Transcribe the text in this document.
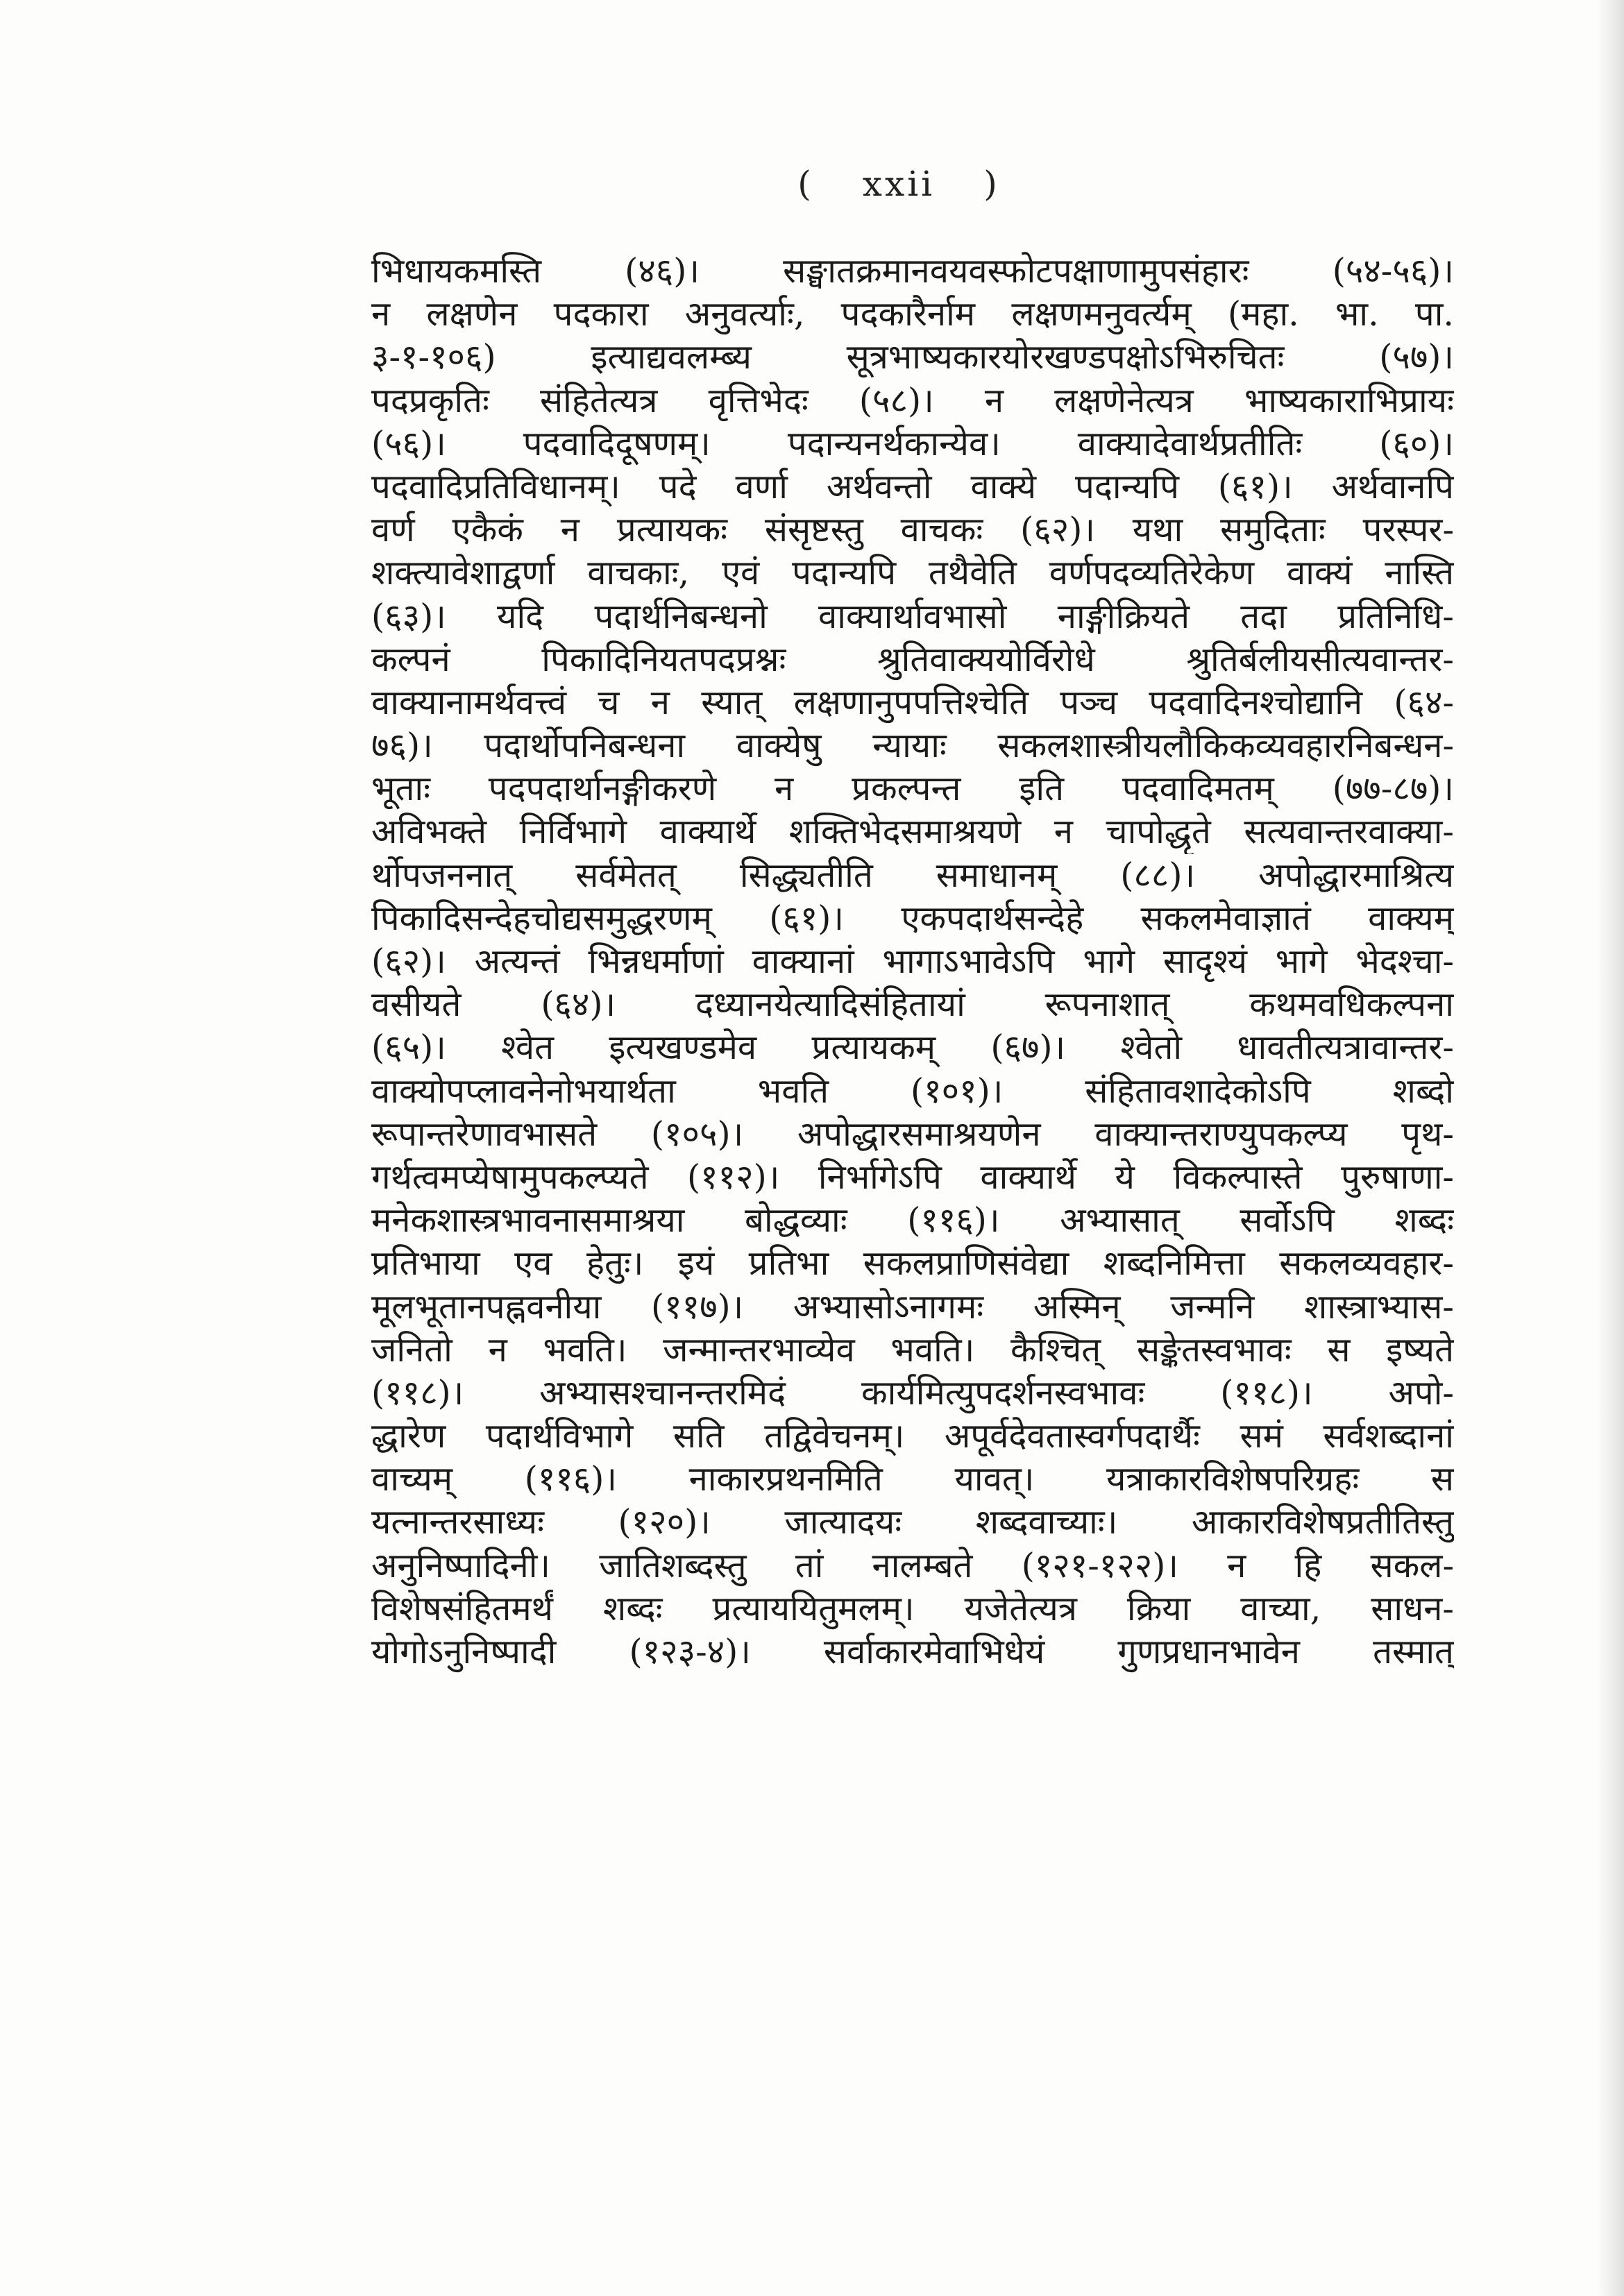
( xxii )
भिधायकमस्ति (४६)। सङ्घातक्रमानवयवस्फोटपक्षाणामुपसंहारः (५४-५६)।
न लक्षणेन पदकारा अनुवर्त्याः, पदकारैर्नाम लक्षणमनुवर्त्यम् (महा. भा. पा.
३-१-१०६) इत्याद्यवलम्ब्य सूत्रभाष्यकारयोरखण्डपक्षोऽभिरुचितः (५७)।
पदप्रकृतिः संहितेत्यत्र वृत्तिभेदः (५८)। न लक्षणेनेत्यत्र भाष्यकाराभिप्रायः
(५६)। पदवादिदूषणम्। पदान्यनर्थकान्येव। वाक्यादेवार्थप्रतीतिः (६०)।
पदवादिप्रतिविधानम्। पदे वर्णा अर्थवन्तो वाक्ये पदान्यपि (६१)। अर्थवानपि
वर्ण एकैकं न प्रत्यायकः संसृष्टस्तु वाचकः (६२)। यथा समुदिताः परस्पर-
शक्त्यावेशाद्वर्णा वाचकाः, एवं पदान्यपि तथैवेति वर्णपदव्यतिरेकेण वाक्यं नास्ति
(६३)। यदि पदार्थनिबन्धनो वाक्यार्थावभासो नाङ्गीक्रियते तदा प्रतिनिधि-
कल्पनं पिकादिनियतपदप्रश्नः श्रुतिवाक्ययोर्विरोधे श्रुतिर्बलीयसीत्यवान्तर-
वाक्यानामर्थवत्त्वं च न स्यात् लक्षणानुपपत्तिश्चेति पञ्च पदवादिनश्चोद्यानि (६४-
७६)। पदार्थोपनिबन्धना वाक्येषु न्यायाः सकलशास्त्रीयलौकिकव्यवहारनिबन्धन-
भूताः पदपदार्थानङ्गीकरणे न प्रकल्पन्त इति पदवादिमतम् (७७-८७)।
अविभक्ते निर्विभागे वाक्यार्थे शक्तिभेदसमाश्रयणे न चापोद्धृते सत्यवान्तरवाक्या-
र्थोपजननात् सर्वमेतत् सिद्ध्यतीति समाधानम् (८८)। अपोद्धारमाश्रित्य
पिकादिसन्देहचोद्यसमुद्धरणम् (६१)। एकपदार्थसन्देहे सकलमेवाज्ञातं वाक्यम्
(६२)। अत्यन्तं भिन्नधर्माणां वाक्यानां भागाऽभावेऽपि भागे सादृश्यं भागे भेदश्चा-
वसीयते (६४)। दध्यानयेत्यादिसंहितायां रूपनाशात् कथमवधिकल्पना
(६५)। श्वेत इत्यखण्डमेव प्रत्यायकम् (६७)। श्वेतो धावतीत्यत्रावान्तर-
वाक्योपप्लावनेनोभयार्थता भवति (१०१)। संहितावशादेकोऽपि शब्दो
रूपान्तरेणावभासते (१०५)। अपोद्धारसमाश्रयणेन वाक्यान्तराण्युपकल्प्य पृथ-
गर्थत्वमप्येषामुपकल्प्यते (११२)। निर्भागेऽपि वाक्यार्थे ये विकल्पास्ते पुरुषाणा-
मनेकशास्त्रभावनासमाश्रया बोद्धव्याः (११६)। अभ्यासात् सर्वोऽपि शब्दः
प्रतिभाया एव हेतुः। इयं प्रतिभा सकलप्राणिसंवेद्या शब्दनिमित्ता सकलव्यवहार-
मूलभूतानपह्नवनीया (११७)। अभ्यासोऽनागमः अस्मिन् जन्मनि शास्त्राभ्यास-
जनितो न भवति। जन्मान्तरभाव्येव भवति। कैश्चित् सङ्केतस्वभावः स इष्यते
(११८)। अभ्यासश्चानन्तरमिदं कार्यमित्युपदर्शनस्वभावः (११८)। अपो-
द्धारेण पदार्थविभागे सति तद्विवेचनम्। अपूर्वदेवतास्वर्गपदार्थैः समं सर्वशब्दानां
वाच्यम् (११६)। नाकारप्रथनमिति यावत्। यत्राकारविशेषपरिग्रहः स
यत्नान्तरसाध्यः (१२०)। जात्यादयः शब्दवाच्याः। आकारविशेषप्रतीतिस्तु
अनुनिष्पादिनी। जातिशब्दस्तु तां नालम्बते (१२१-१२२)। न हि सकल-
विशेषसंहितमर्थं शब्दः प्रत्याययितुमलम्। यजेतेत्यत्र क्रिया वाच्या, साधन-
योगोऽनुनिष्पादी (१२३-४)। सर्वाकारमेवाभिधेयं गुणप्रधानभावेन तस्मात्
